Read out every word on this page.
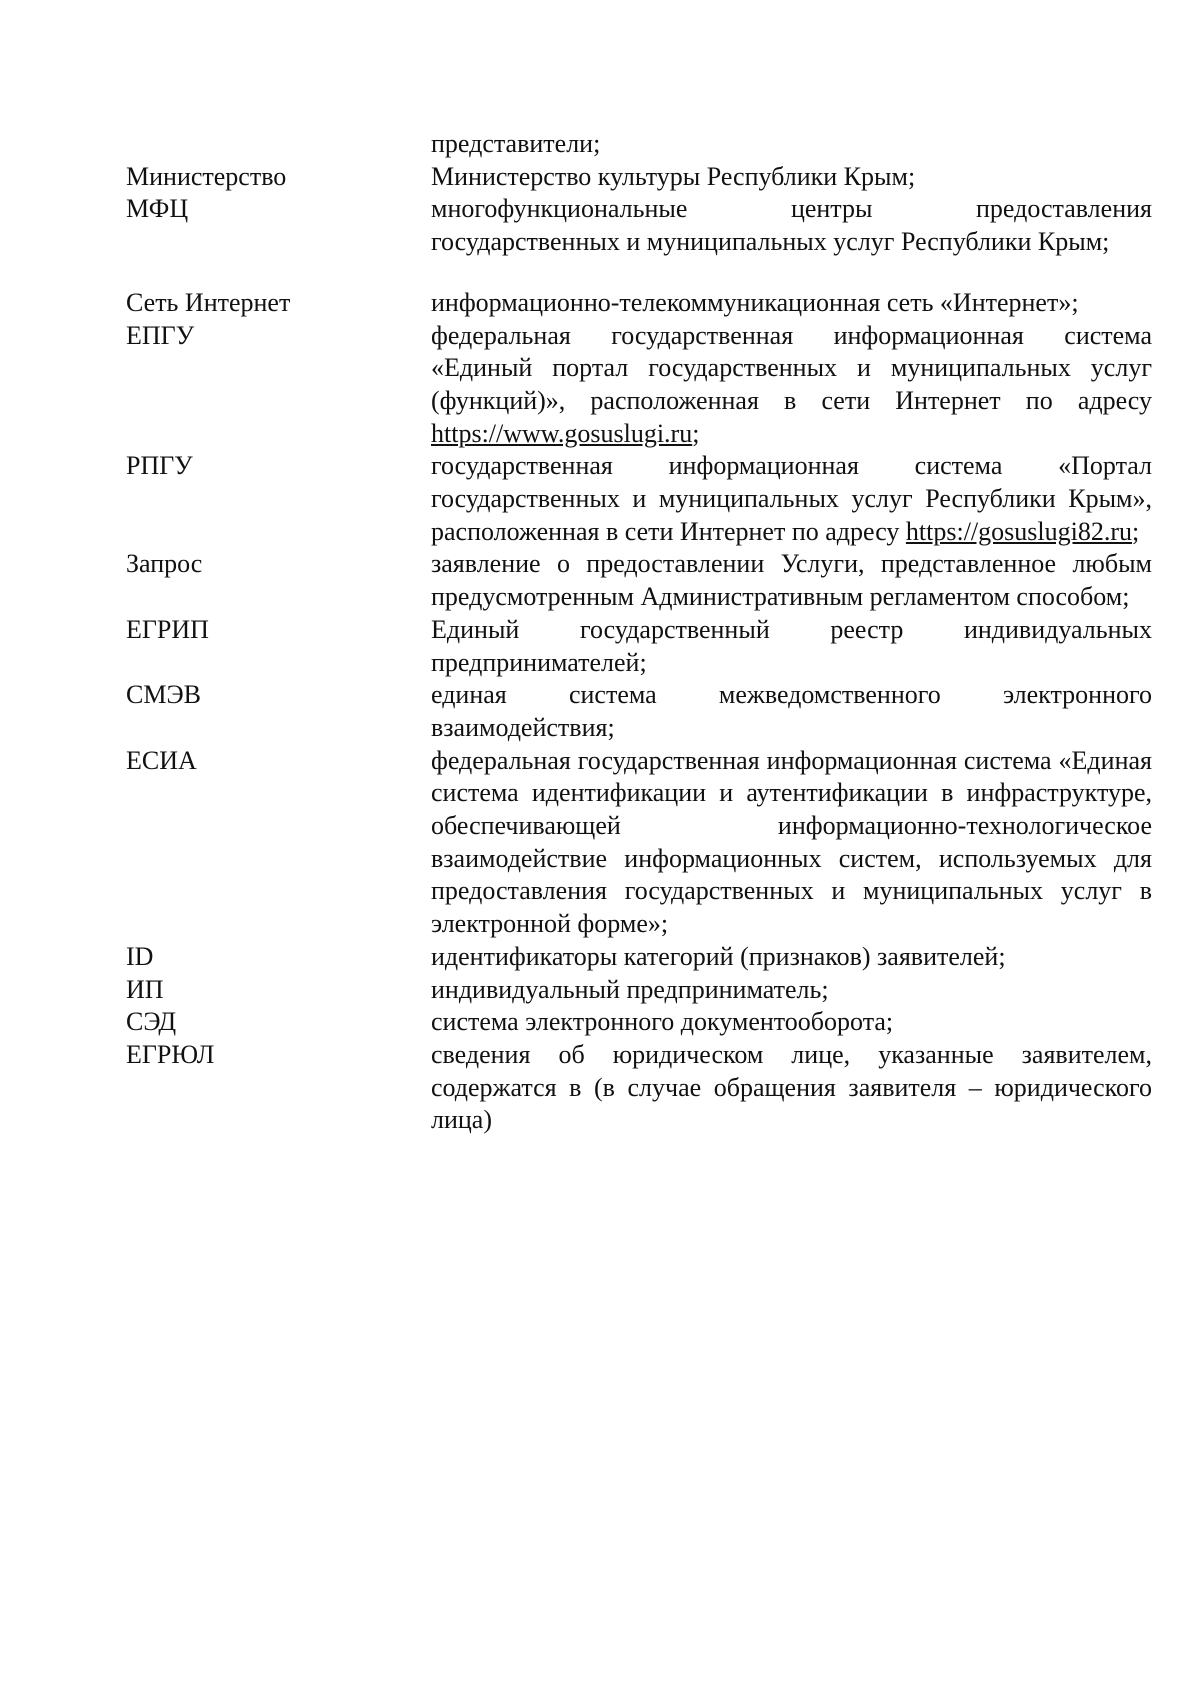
представители;
Министерство	Министерство культуры Республики Крым;
МФЦ	многофункциональные центры предоставления государственных и муниципальных услуг Республики Крым;
Сеть Интернет	информационно-телекоммуникационная сеть «Интернет»;
ЕПГУ	федеральная государственная информационная система «Единый портал государственных и муниципальных услуг (функций)», расположенная в сети Интернет по адресу https://www.gosuslugi.ru;
РПГУ	государственная информационная система «Портал государственных и муниципальных услуг Республики Крым», расположенная в сети Интернет по адресу https://gosuslugi82.ru;
Запрос	заявление о предоставлении Услуги, представленное любым предусмотренным Административным регламентом способом;
ЕГРИП	Единый государственный реестр индивидуальных предпринимателей;
СМЭВ	единая система межведомственного электронного взаимодействия;
ЕСИА	федеральная государственная информационная система «Единая система идентификации и аутентификации в инфраструктуре, обеспечивающей информационно-технологическое взаимодействие информационных систем, используемых для предоставления государственных и муниципальных услуг в электронной форме»;
ID	идентификаторы категорий (признаков) заявителей;
ИП	индивидуальный предприниматель;
СЭД	система электронного документооборота;
ЕГРЮЛ	сведения об юридическом лице, указанные заявителем, содержатся в (в случае обращения заявителя – юридического лица)
